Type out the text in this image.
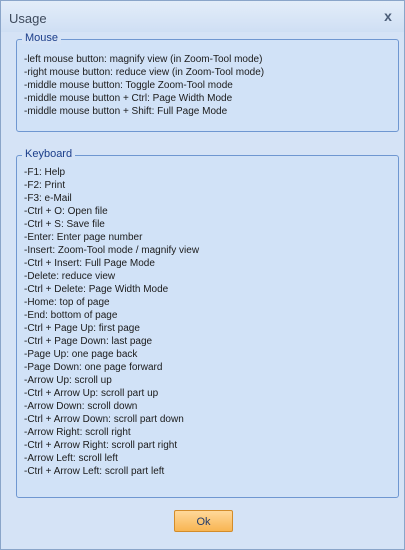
Usage	x
Mouse
-left mouse button: magnify view (in Zoom-Tool mode)
-right mouse button: reduce view (in Zoom-Tool mode)
-middle mouse button: Toggle Zoom-Tool mode
-middle mouse button + Ctrl: Page Width Mode
-middle mouse button + Shift: Full Page Mode
Keyboard
-F1: Help
-F2: Print
-F3: e-Mail
-Ctrl + O: Open file
-Ctrl + S: Save file
-Enter: Enter page number
-Insert: Zoom-Tool mode / magnify view
-Ctrl + Insert: Full Page Mode
-Delete: reduce view
-Ctrl + Delete: Page Width Mode
-Home: top of page
-End: bottom of page
-Ctrl + Page Up: first page
-Ctrl + Page Down: last page
-Page Up: one page back
-Page Down: one page forward
-Arrow Up: scroll up
-Ctrl + Arrow Up: scroll part up
-Arrow Down: scroll down
-Ctrl + Arrow Down: scroll part down
-Arrow Right: scroll right
-Ctrl + Arrow Right: scroll part right
-Arrow Left: scroll left
-Ctrl + Arrow Left: scroll part left
Ok
